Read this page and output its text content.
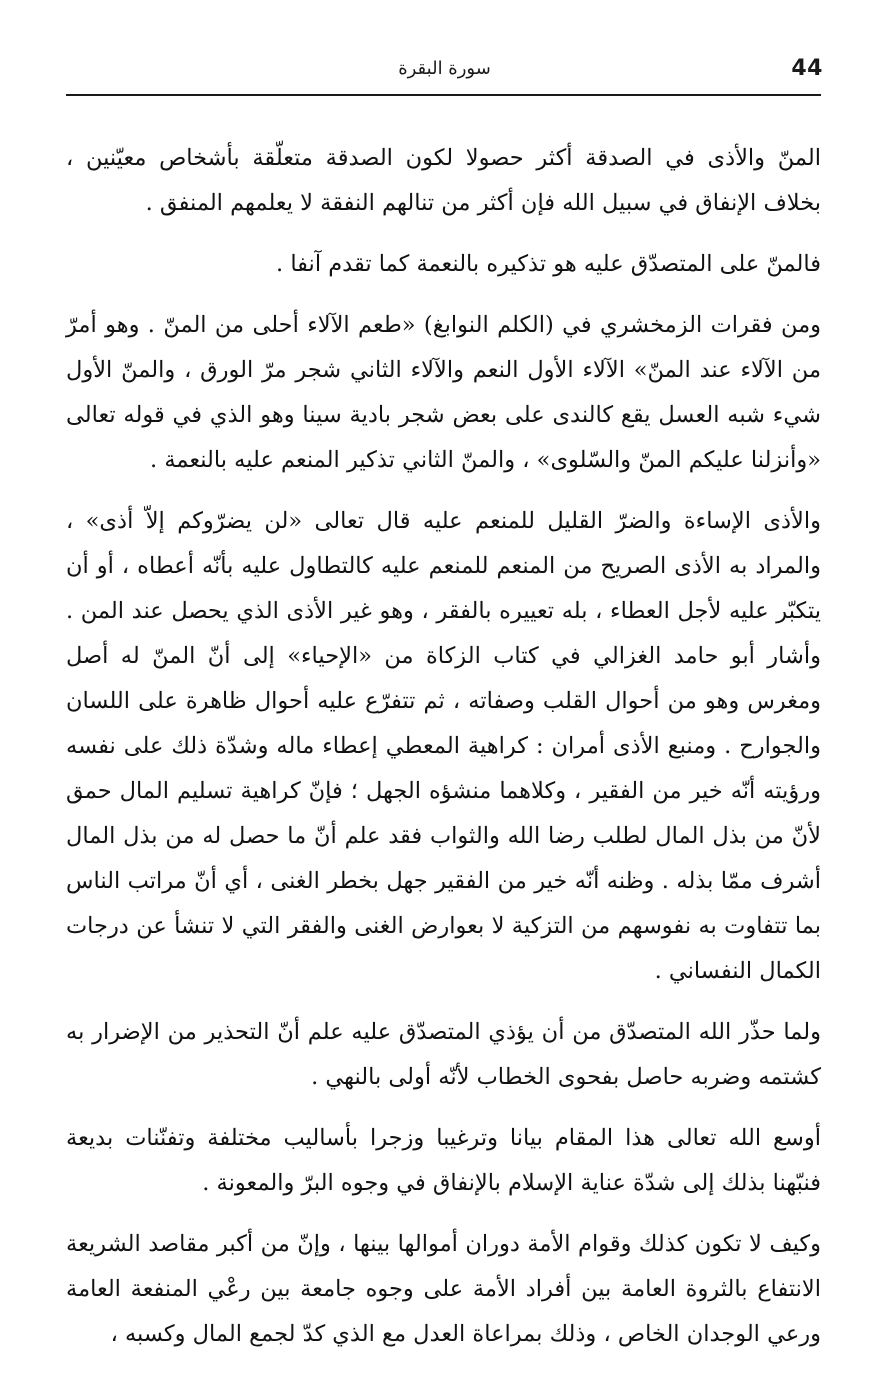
44
سورة البقرة

المنّ والأذى في الصدقة أكثر حصولا لكون الصدقة متعلّقة بأشخاص معيّنين ، بخلاف الإنفاق في سبيل الله فإن أكثر من تنالهم النفقة لا يعلمهم المنفق .

فالمنّ على المتصدّق عليه هو تذكيره بالنعمة كما تقدم آنفا .

ومن فقرات الزمخشري في (الكلم النوابغ) «طعم الآلاء أحلى من المنّ . وهو أمرّ من الآلاء عند المنّ» الآلاء الأول النعم والآلاء الثاني شجر مرّ الورق ، والمنّ الأول شيء شبه العسل يقع كالندى على بعض شجر بادية سينا وهو الذي في قوله تعالى «وأنزلنا عليكم المنّ والسّلوى» ، والمنّ الثاني تذكير المنعم عليه بالنعمة .

والأذى الإساءة والضرّ القليل للمنعم عليه قال تعالى «لن يضرّوكم إلاّ أذى» ، والمراد به الأذى الصريح من المنعم للمنعم عليه كالتطاول عليه بأنّه أعطاه ، أو أن يتكبّر عليه لأجل العطاء ، بله تعييره بالفقر ، وهو غير الأذى الذي يحصل عند المن . وأشار أبو حامد الغزالي في كتاب الزكاة من «الإحياء» إلى أنّ المنّ له أصل ومغرس وهو من أحوال القلب وصفاته ، ثم تتفرّع عليه أحوال ظاهرة على اللسان والجوارح . ومنبع الأذى أمران : كراهية المعطي إعطاء ماله وشدّة ذلك على نفسه ورؤيته أنّه خير من الفقير ، وكلاهما منشؤه الجهل ؛ فإنّ كراهية تسليم المال حمق لأنّ من بذل المال لطلب رضا الله والثواب فقد علم أنّ ما حصل له من بذل المال أشرف ممّا بذله . وظنه أنّه خير من الفقير جهل بخطر الغنى ، أي أنّ مراتب الناس بما تتفاوت به نفوسهم من التزكية لا بعوارض الغنى والفقر التي لا تنشأ عن درجات الكمال النفساني .

ولما حذّر الله المتصدّق من أن يؤذي المتصدّق عليه علم أنّ التحذير من الإضرار به كشتمه وضربه حاصل بفحوى الخطاب لأنّه أولى بالنهي .

أوسع الله تعالى هذا المقام بيانا وترغيبا وزجرا بأساليب مختلفة وتفنّنات بديعة فنبّهنا بذلك إلى شدّة عناية الإسلام بالإنفاق في وجوه البرّ والمعونة .

وكيف لا تكون كذلك وقوام الأمة دوران أموالها بينها ، وإنّ من أكبر مقاصد الشريعة الانتفاع بالثروة العامة بين أفراد الأمة على وجوه جامعة بين رعْي المنفعة العامة ورعي الوجدان الخاص ، وذلك بمراعاة العدل مع الذي كدّ لجمع المال وكسبه ،
